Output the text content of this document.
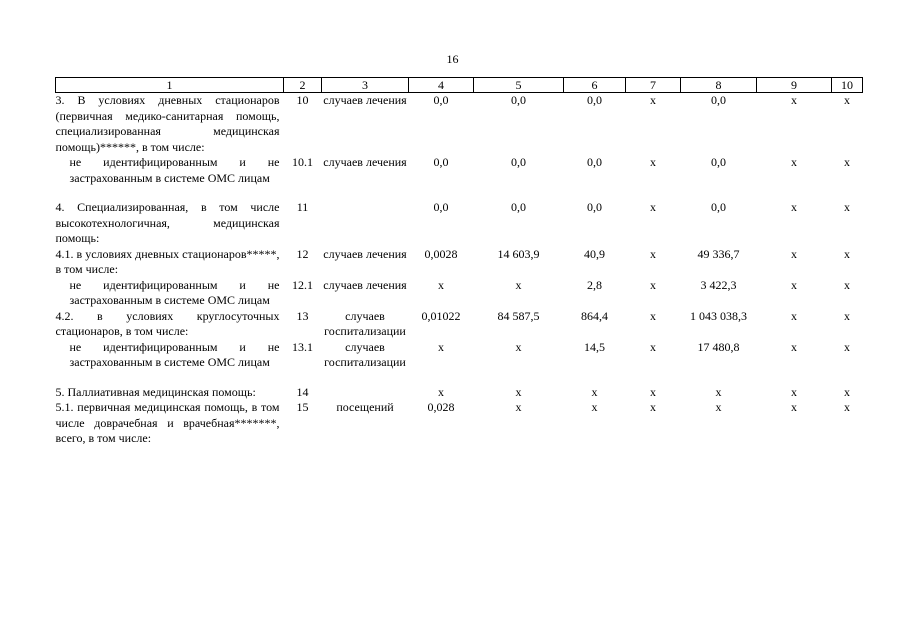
16
1	2	3	4	5	6	7	8	9	10
3. В условиях дневных стационаров (первичная медико-санитарная помощь, специализированная медицинская помощь)******, в том числе:	10	случаев лечения	0,0	0,0	0,0	х	0,0	х	х
не идентифицированным и не застрахованным в системе ОМС лицам	10.1	случаев лечения	0,0	0,0	0,0	х	0,0	х	х

4. Специализированная, в том числе высокотехнологичная, медицинская помощь:	11		0,0	0,0	0,0	х	0,0	х	х
4.1. в условиях дневных стационаров*****, в том числе:	12	случаев лечения	0,0028	14 603,9	40,9	х	49 336,7	х	х
не идентифицированным и не застрахованным в системе ОМС лицам	12.1	случаев лечения	х	х	2,8	х	3 422,3	х	х
4.2. в условиях круглосуточных стационаров, в том числе:	13	случаев госпитализации	0,01022	84 587,5	864,4	х	1 043 038,3	х	х
не идентифицированным и не застрахованным в системе ОМС лицам	13.1	случаев госпитализации	х	х	14,5	х	17 480,8	х	х

5. Паллиативная медицинская помощь:	14		х	х	х	х	х	х	х
5.1. первичная медицинская помощь, в том числе доврачебная и врачебная*******, всего, в том числе:	15	посещений	0,028	х	х	х	х	х	х
